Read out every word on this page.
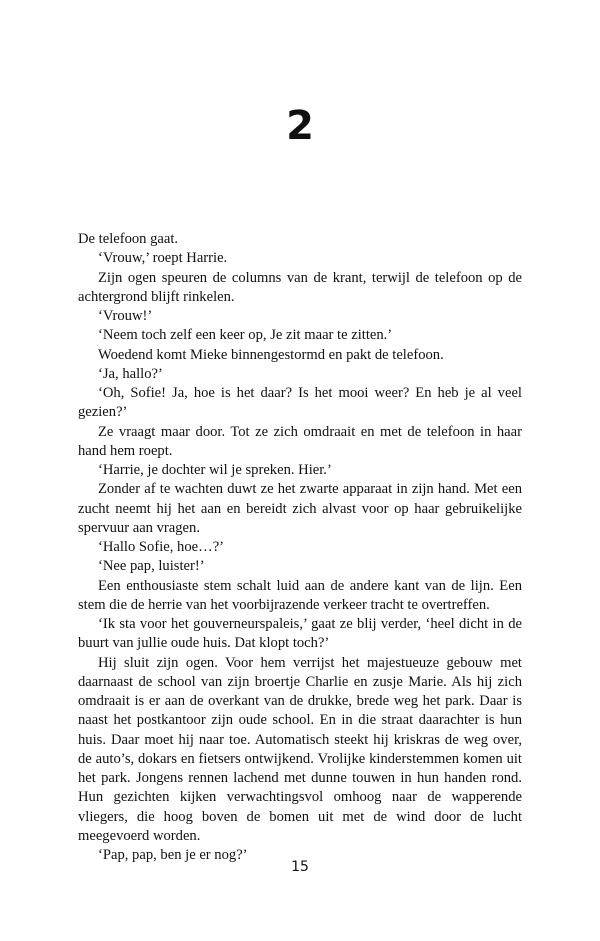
2

De telefoon gaat.

‘Vrouw,’ roept Harrie.

Zijn ogen speuren de columns van de krant, terwijl de telefoon op de achtergrond blijft rinkelen.

‘Vrouw!’

‘Neem toch zelf een keer op, Je zit maar te zitten.’

Woedend komt Mieke binnengestormd en pakt de telefoon.

‘Ja, hallo?’

‘Oh, Sofie! Ja, hoe is het daar? Is het mooi weer? En heb je al veel gezien?’

Ze vraagt maar door. Tot ze zich omdraait en met de telefoon in haar hand hem roept.

‘Harrie, je dochter wil je spreken. Hier.’

Zonder af te wachten duwt ze het zwarte apparaat in zijn hand. Met een zucht neemt hij het aan en bereidt zich alvast voor op haar gebruikelijke spervuur aan vragen.

‘Hallo Sofie, hoe…?’

‘Nee pap, luister!’

Een enthousiaste stem schalt luid aan de andere kant van de lijn. Een stem die de herrie van het voorbijrazende verkeer tracht te overtreffen.

‘Ik sta voor het gouverneurspaleis,’ gaat ze blij verder, ‘heel dicht in de buurt van jullie oude huis. Dat klopt toch?’

Hij sluit zijn ogen. Voor hem verrijst het majestueuze gebouw met daarnaast de school van zijn broertje Charlie en zusje Marie. Als hij zich omdraait is er aan de overkant van de drukke, brede weg het park. Daar is naast het postkantoor zijn oude school. En in die straat daarachter is hun huis. Daar moet hij naar toe. Automatisch steekt hij kriskras de weg over, de auto’s, dokars en fietsers ontwijkend. Vrolijke kinderstemmen komen uit het park. Jongens rennen lachend met dunne touwen in hun handen rond. Hun gezichten kijken verwachtingsvol omhoog naar de wapperende vliegers, die hoog boven de bomen uit met de wind door de lucht meegevoerd worden.

‘Pap, pap, ben je er nog?’

15
